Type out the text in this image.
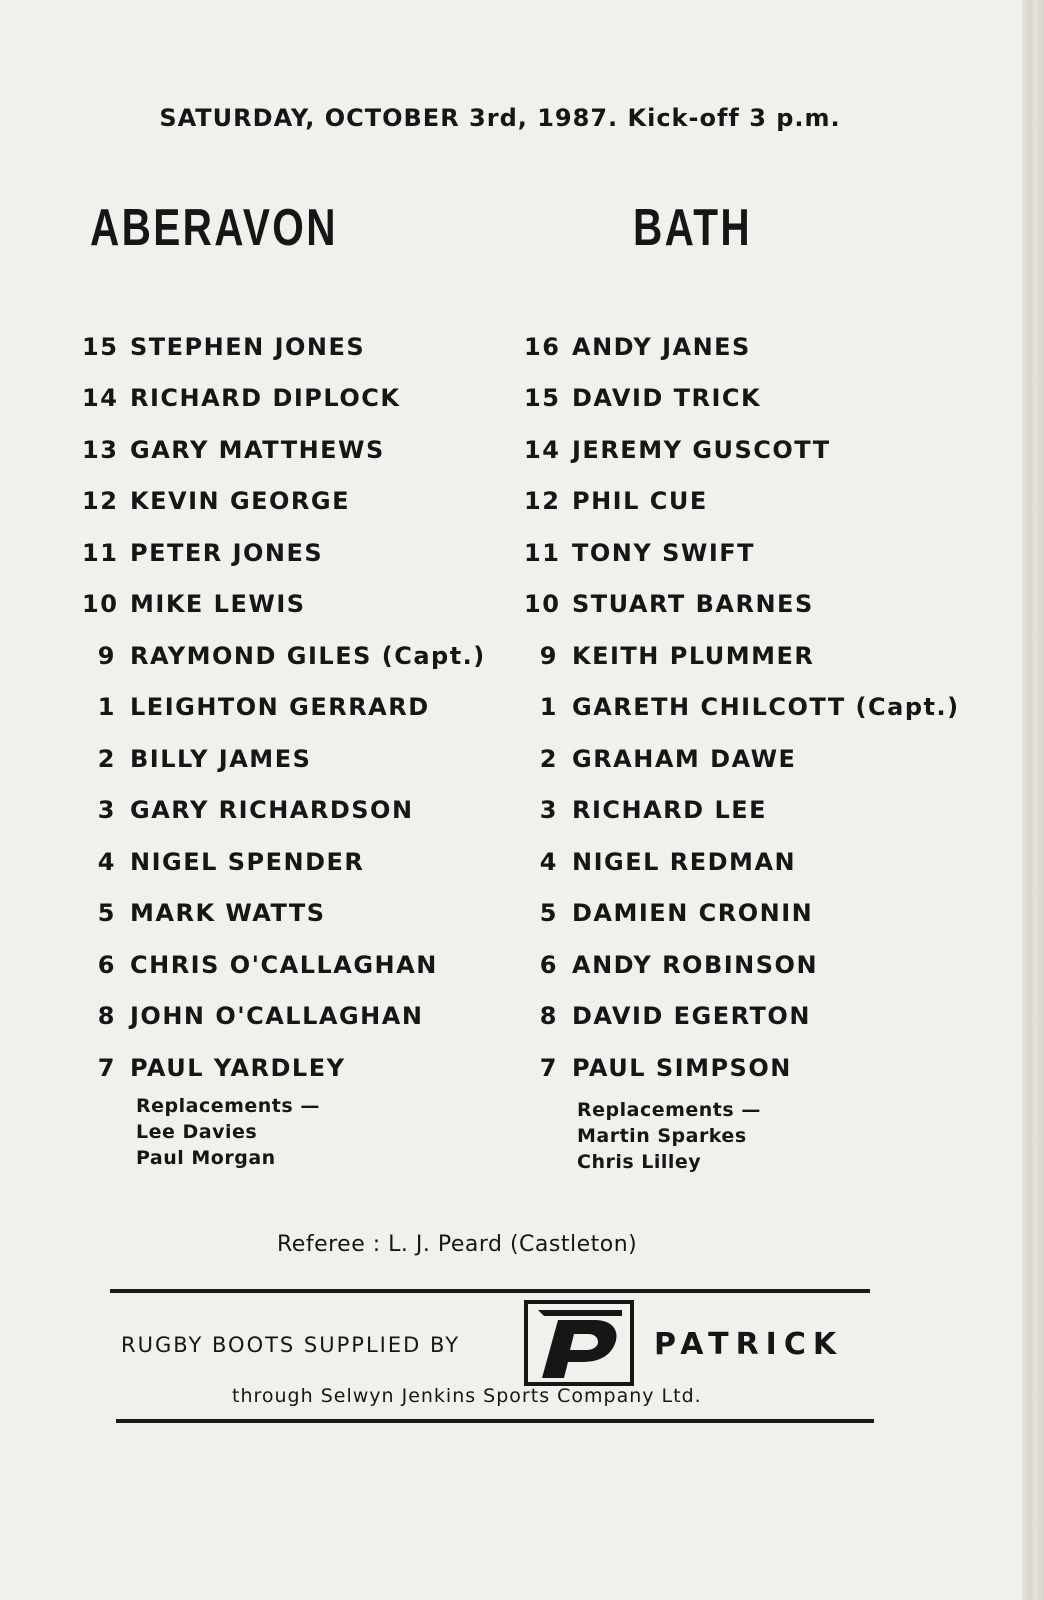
SATURDAY, OCTOBER 3rd, 1987. Kick-off 3 p.m.
ABERAVON	BATH
15 STEPHEN JONES
14 RICHARD DIPLOCK
13 GARY MATTHEWS
12 KEVIN GEORGE
11 PETER JONES
10 MIKE LEWIS
9 RAYMOND GILES (Capt.)
1 LEIGHTON GERRARD
2 BILLY JAMES
3 GARY RICHARDSON
4 NIGEL SPENDER
5 MARK WATTS
6 CHRIS O'CALLAGHAN
8 JOHN O'CALLAGHAN
7 PAUL YARDLEY
16 ANDY JANES
15 DAVID TRICK
14 JEREMY GUSCOTT
12 PHIL CUE
11 TONY SWIFT
10 STUART BARNES
9 KEITH PLUMMER
1 GARETH CHILCOTT (Capt.)
2 GRAHAM DAWE
3 RICHARD LEE
4 NIGEL REDMAN
5 DAMIEN CRONIN
6 ANDY ROBINSON
8 DAVID EGERTON
7 PAUL SIMPSON
Replacements —
Lee Davies
Paul Morgan
Replacements —
Martin Sparkes
Chris Lilley
Referee : L. J. Peard (Castleton)
RUGBY BOOTS SUPPLIED BY	PATRICK
through Selwyn Jenkins Sports Company Ltd.
